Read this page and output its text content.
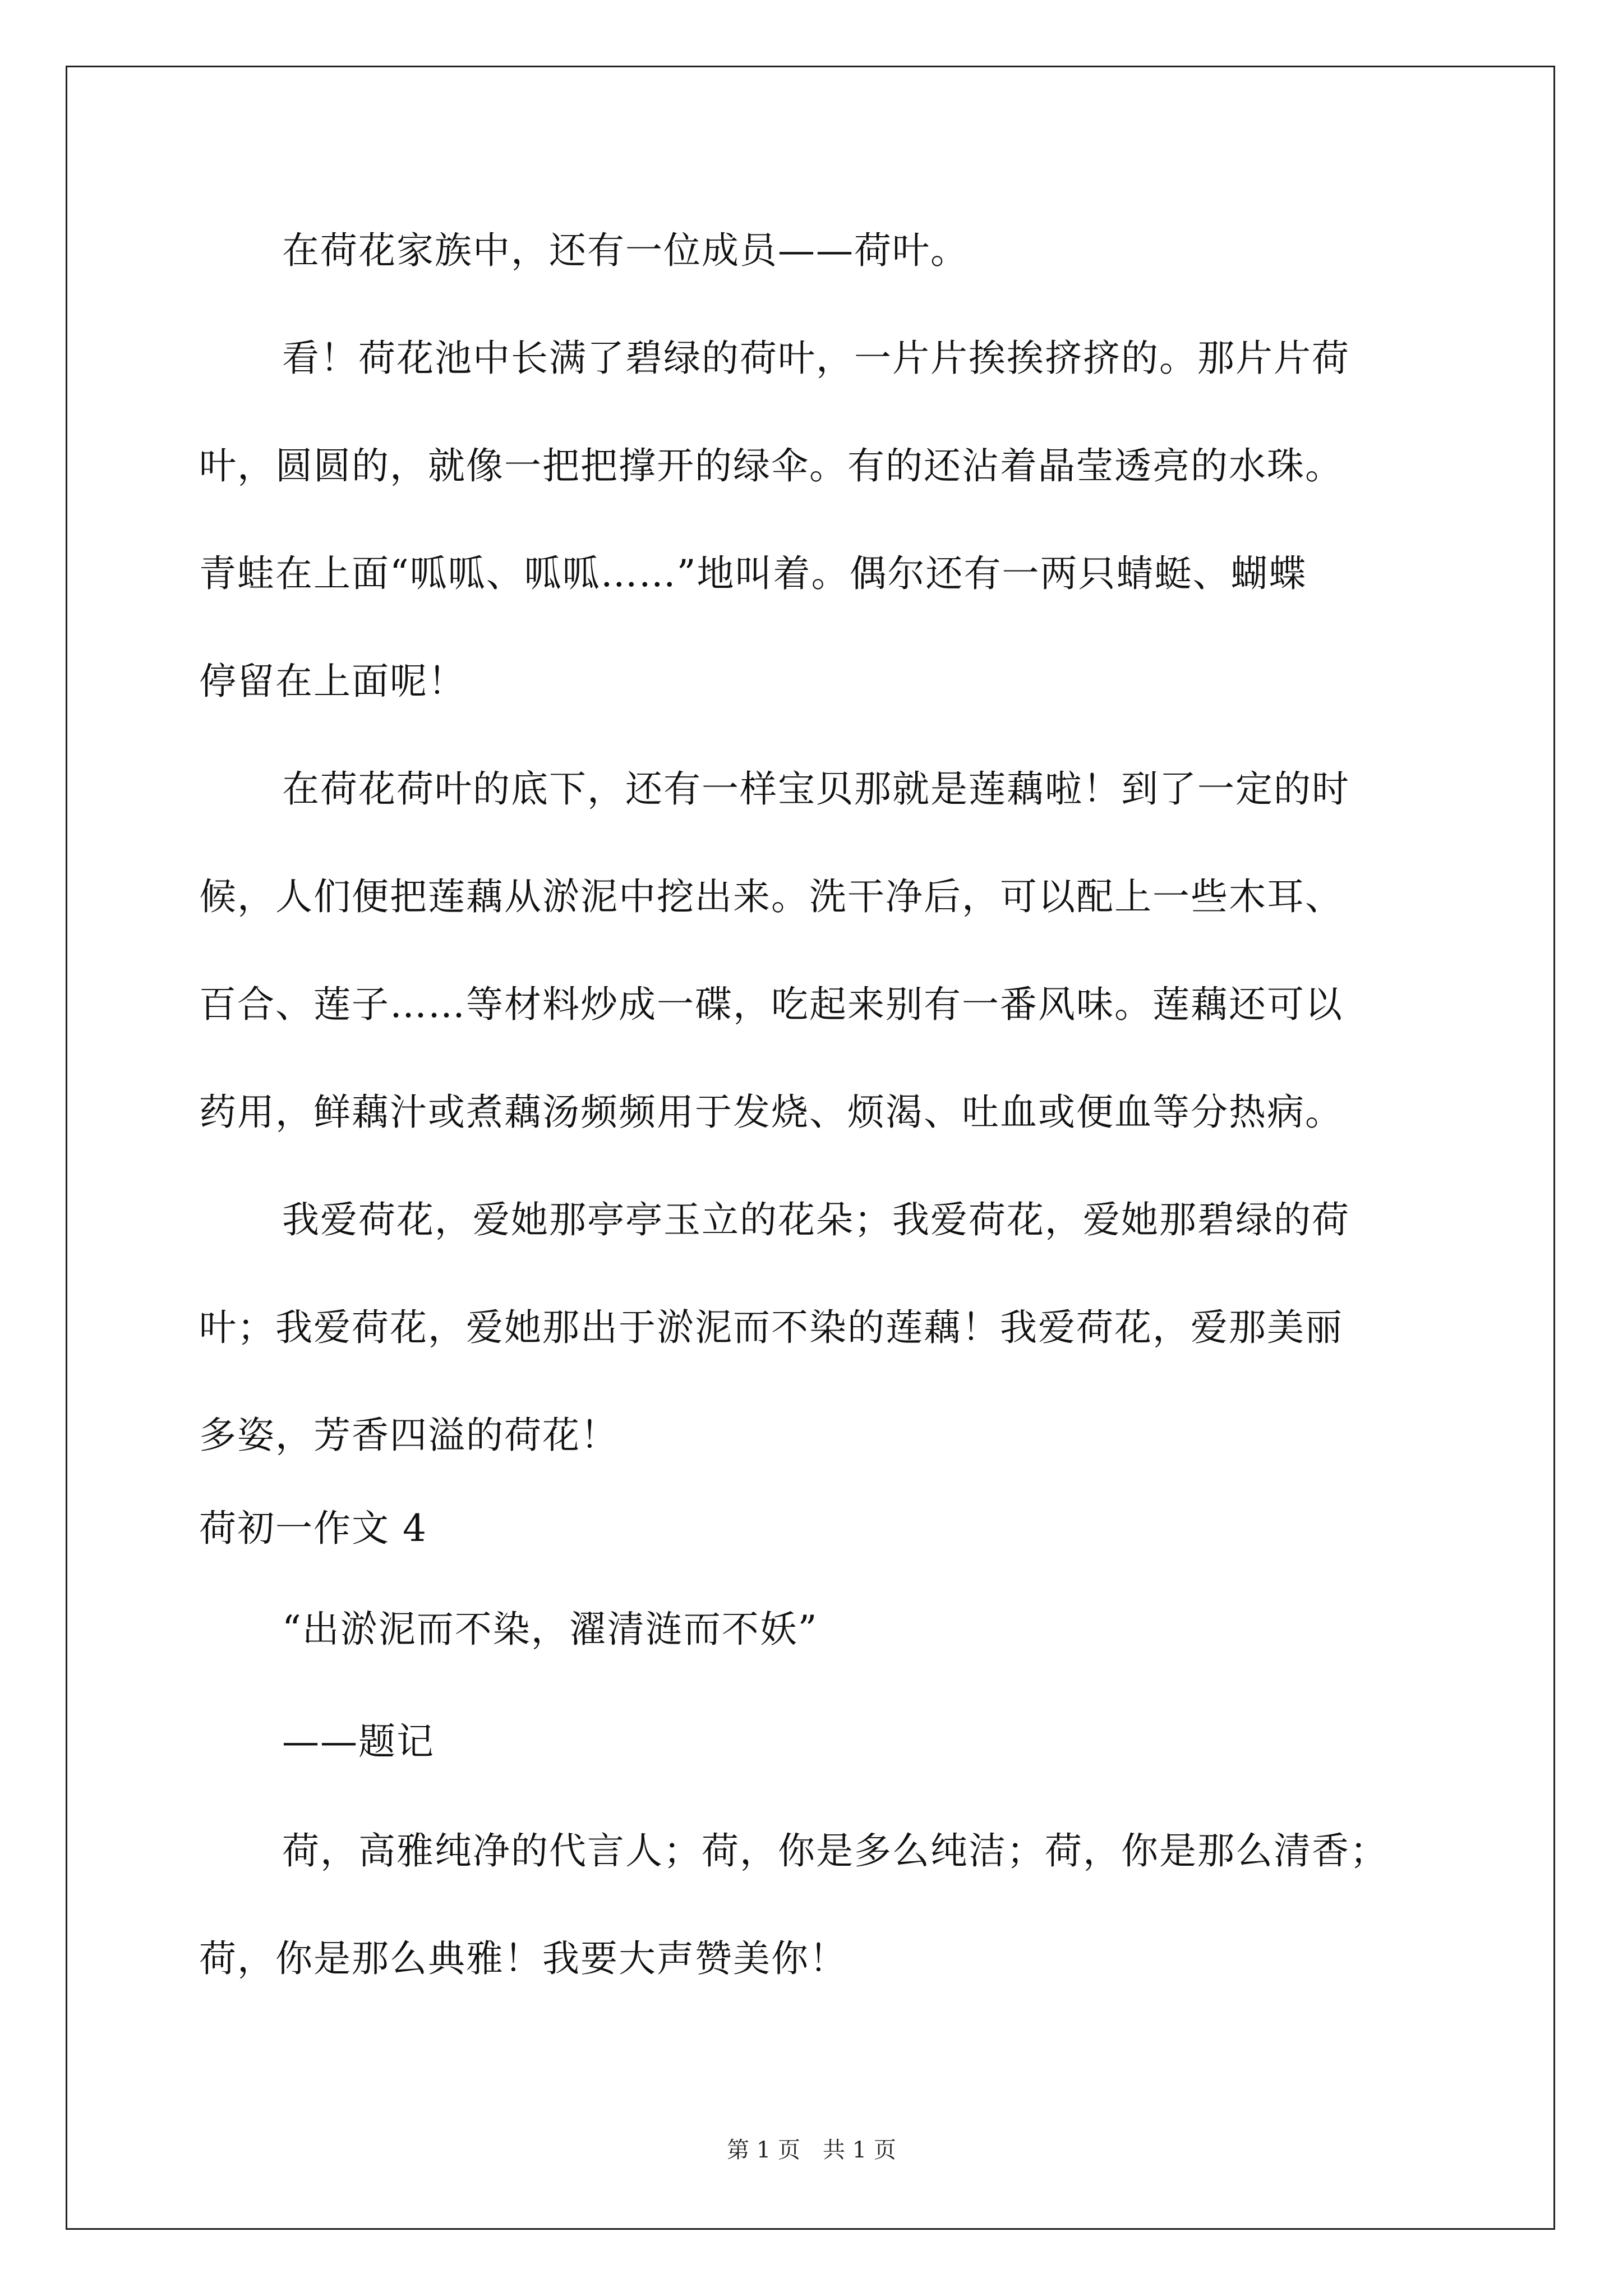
在荷花家族中，还有一位成员——荷叶。
看！荷花池中长满了碧绿的荷叶，一片片挨挨挤挤的。那片片荷
叶，圆圆的，就像一把把撑开的绿伞。有的还沾着晶莹透亮的水珠。
青蛙在上面“呱呱、呱呱……”地叫着。偶尔还有一两只蜻蜓、蝴蝶
停留在上面呢！
在荷花荷叶的底下，还有一样宝贝那就是莲藕啦！到了一定的时
候，人们便把莲藕从淤泥中挖出来。洗干净后，可以配上一些木耳、
百合、莲子……等材料炒成一碟，吃起来别有一番风味。莲藕还可以
药用，鲜藕汁或煮藕汤频频用于发烧、烦渴、吐血或便血等分热病。
我爱荷花，爱她那亭亭玉立的花朵；我爱荷花，爱她那碧绿的荷
叶；我爱荷花，爱她那出于淤泥而不染的莲藕！我爱荷花，爱那美丽
多姿，芳香四溢的荷花！
荷初一作文 4
“出淤泥而不染，濯清涟而不妖”
——题记
荷，高雅纯净的代言人；荷，你是多么纯洁；荷，你是那么清香；
荷，你是那么典雅！我要大声赞美你！
第 1 页　共 1 页
